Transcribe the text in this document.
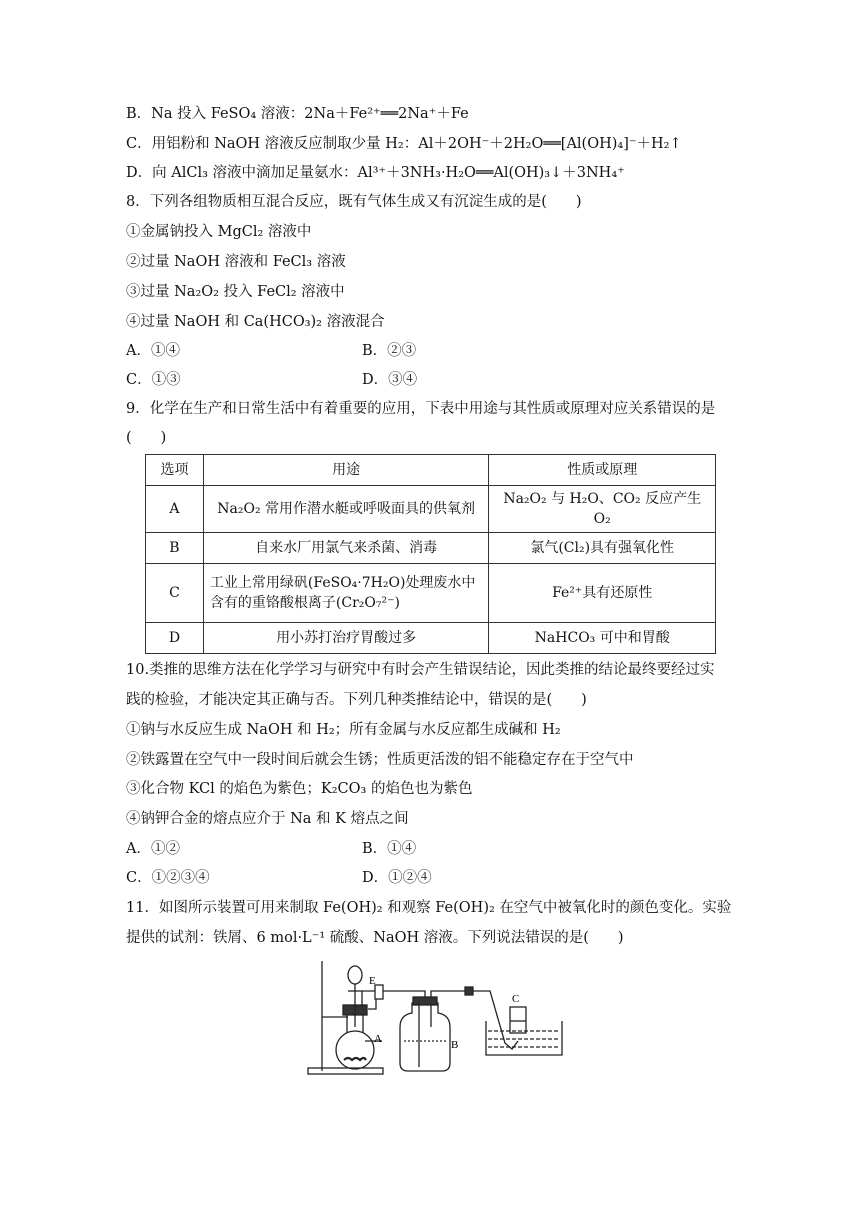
B．Na 投入 FeSO₄ 溶液：2Na＋Fe²⁺══2Na⁺＋Fe
C．用铝粉和 NaOH 溶液反应制取少量 H₂：Al＋2OH⁻＋2H₂O══[Al(OH)₄]⁻＋H₂↑
D．向 AlCl₃ 溶液中滴加足量氨水：Al³⁺＋3NH₃·H₂O══Al(OH)₃↓＋3NH₄⁺
8．下列各组物质相互混合反应，既有气体生成又有沉淀生成的是(　　)
①金属钠投入 MgCl₂ 溶液中
②过量 NaOH 溶液和 FeCl₃ 溶液
③过量 Na₂O₂ 投入 FeCl₂ 溶液中
④过量 NaOH 和 Ca(HCO₃)₂ 溶液混合
A．①④	B．②③
C．①③	D．③④
9．化学在生产和日常生活中有着重要的应用，下表中用途与其性质或原理对应关系错误的是
(　　)
选项	用途	性质或原理
A	Na₂O₂ 常用作潜水艇或呼吸面具的供氧剂	Na₂O₂ 与 H₂O、CO₂ 反应产生 O₂
B	自来水厂用氯气来杀菌、消毒	氯气(Cl₂)具有强氧化性
C	工业上常用绿矾(FeSO₄·7H₂O)处理废水中含有的重铬酸根离子(Cr₂O₇²⁻)	Fe²⁺具有还原性
D	用小苏打治疗胃酸过多	NaHCO₃ 可中和胃酸
10.类推的思维方法在化学学习与研究中有时会产生错误结论，因此类推的结论最终要经过实
践的检验，才能决定其正确与否。下列几种类推结论中，错误的是(　　)
①钠与水反应生成 NaOH 和 H₂；所有金属与水反应都生成碱和 H₂
②铁露置在空气中一段时间后就会生锈；性质更活泼的铝不能稳定存在于空气中
③化合物 KCl 的焰色为紫色；K₂CO₃ 的焰色也为紫色
④钠钾合金的熔点应介于 Na 和 K 熔点之间
A．①②	B．①④
C．①②③④	D．①②④
11．如图所示装置可用来制取 Fe(OH)₂ 和观察 Fe(OH)₂ 在空气中被氧化时的颜色变化。实验
提供的试剂：铁屑、6 mol·L⁻¹ 硫酸、NaOH 溶液。下列说法错误的是(　　)
A	B
C
E
